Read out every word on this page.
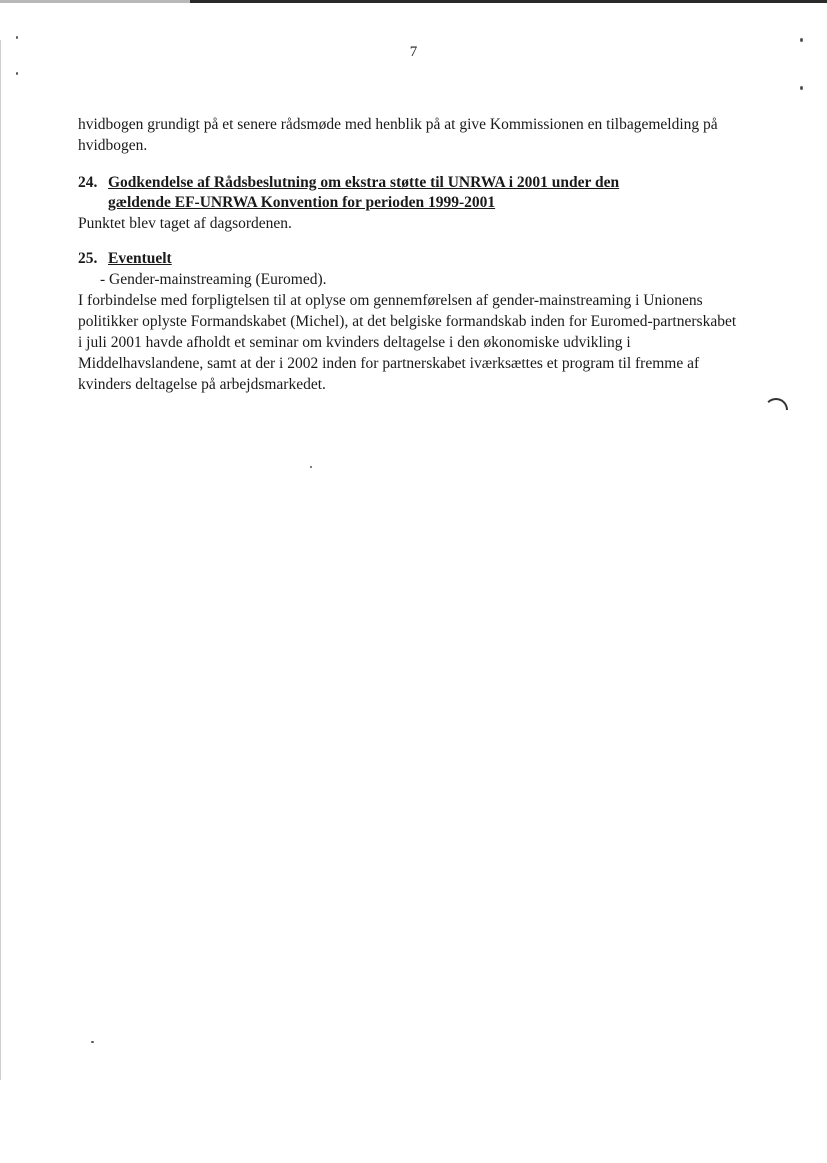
7

hvidbogen grundigt på et senere rådsmøde med henblik på at give Kommissionen en tilbagemelding på hvidbogen.

24. Godkendelse af Rådsbeslutning om ekstra støtte til UNRWA i 2001 under den
gældende EF-UNRWA Konvention for perioden 1999-2001

Punktet blev taget af dagsordenen.

25. Eventuelt

- Gender-mainstreaming (Euromed).

I forbindelse med forpligtelsen til at oplyse om gennemførelsen af gender-mainstreaming i Unionens politikker oplyste Formandskabet (Michel), at det belgiske formandskab inden for Euromed-partnerskabet i juli 2001 havde afholdt et seminar om kvinders deltagelse i den økonomiske udvikling i Middelhavslandene, samt at der i 2002 inden for partnerskabet iværksættes et program til fremme af kvinders deltagelse på arbejdsmarkedet.
